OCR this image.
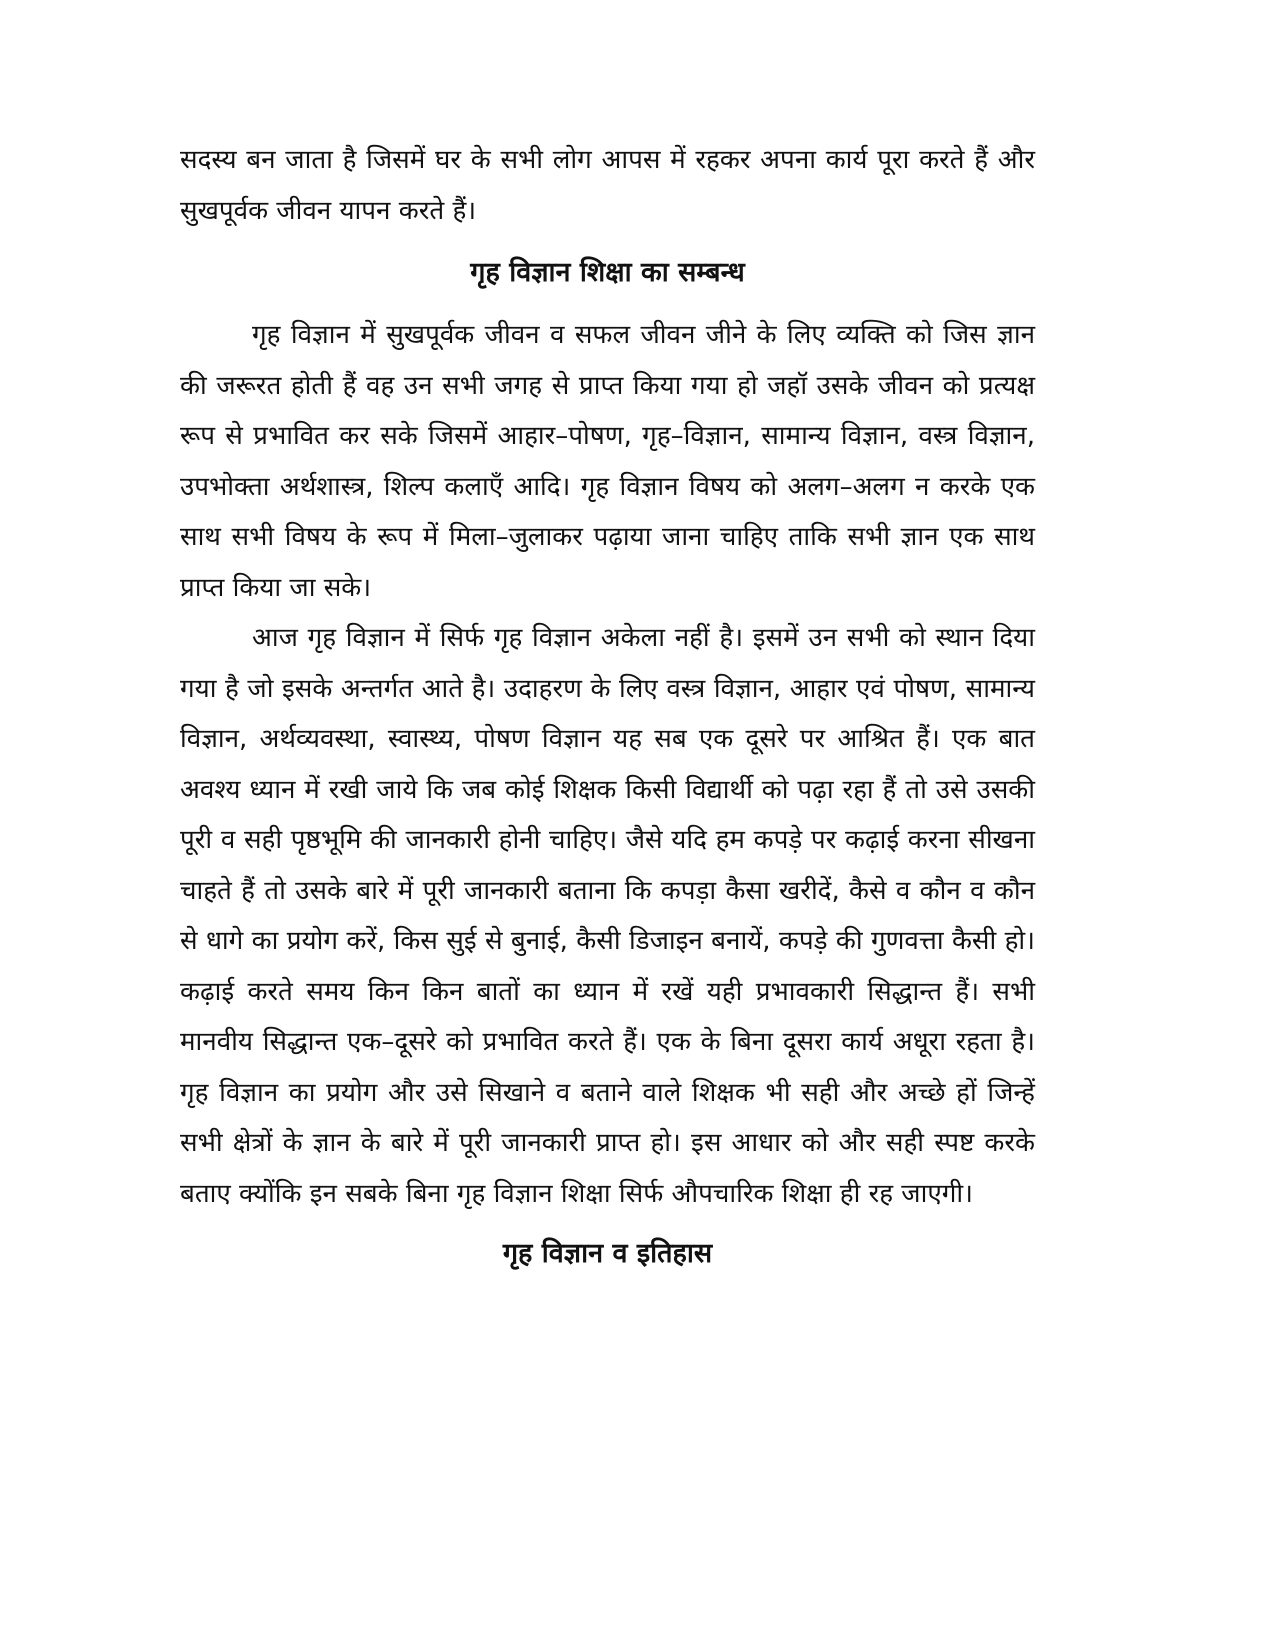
सदस्य बन जाता है जिसमें घर के सभी लोग आपस में रहकर अपना कार्य पूरा करते हैं और सुखपूर्वक जीवन यापन करते हैं।

गृह विज्ञान शिक्षा का सम्बन्ध

गृह विज्ञान में सुखपूर्वक जीवन व सफल जीवन जीने के लिए व्यक्ति को जिस ज्ञान की जरूरत होती हैं वह उन सभी जगह से प्राप्त किया गया हो जहॉ उसके जीवन को प्रत्यक्ष रूप से प्रभावित कर सके जिसमें आहार–पोषण, गृह–विज्ञान, सामान्य विज्ञान, वस्त्र विज्ञान, उपभोक्ता अर्थशास्त्र, शिल्प कलाएँ आदि। गृह विज्ञान विषय को अलग–अलग न करके एक साथ सभी विषय के रूप में मिला–जुलाकर पढ़ाया जाना चाहिए ताकि सभी ज्ञान एक साथ प्राप्त किया जा सके।

आज गृह विज्ञान में सिर्फ गृह विज्ञान अकेला नहीं है। इसमें उन सभी को स्थान दिया गया है जो इसके अन्तर्गत आते है। उदाहरण के लिए वस्त्र विज्ञान, आहार एवं पोषण, सामान्य विज्ञान, अर्थव्यवस्था, स्वास्थ्य, पोषण विज्ञान यह सब एक दूसरे पर आश्रित हैं। एक बात अवश्य ध्यान में रखी जाये कि जब कोई शिक्षक किसी विद्यार्थी को पढ़ा रहा हैं तो उसे उसकी पूरी व सही पृष्ठभूमि की जानकारी होनी चाहिए। जैसे यदि हम कपड़े पर कढ़ाई करना सीखना चाहते हैं तो उसके बारे में पूरी जानकारी बताना कि कपड़ा कैसा खरीदें, कैसे व कौन व कौन से धागे का प्रयोग करें, किस सुई से बुनाई, कैसी डिजाइन बनायें, कपड़े की गुणवत्ता कैसी हो। कढ़ाई करते समय किन किन बातों का ध्यान में रखें यही प्रभावकारी सिद्धान्त हैं। सभी मानवीय सिद्धान्त एक–दूसरे को प्रभावित करते हैं। एक के बिना दूसरा कार्य अधूरा रहता है। गृह विज्ञान का प्रयोग और उसे सिखाने व बताने वाले शिक्षक भी सही और अच्छे हों जिन्हें सभी क्षेत्रों के ज्ञान के बारे में पूरी जानकारी प्राप्त हो। इस आधार को और सही स्पष्ट करके बताए क्योंकि इन सबके बिना गृह विज्ञान शिक्षा सिर्फ औपचारिक शिक्षा ही रह जाएगी।

गृह विज्ञान व इतिहास
